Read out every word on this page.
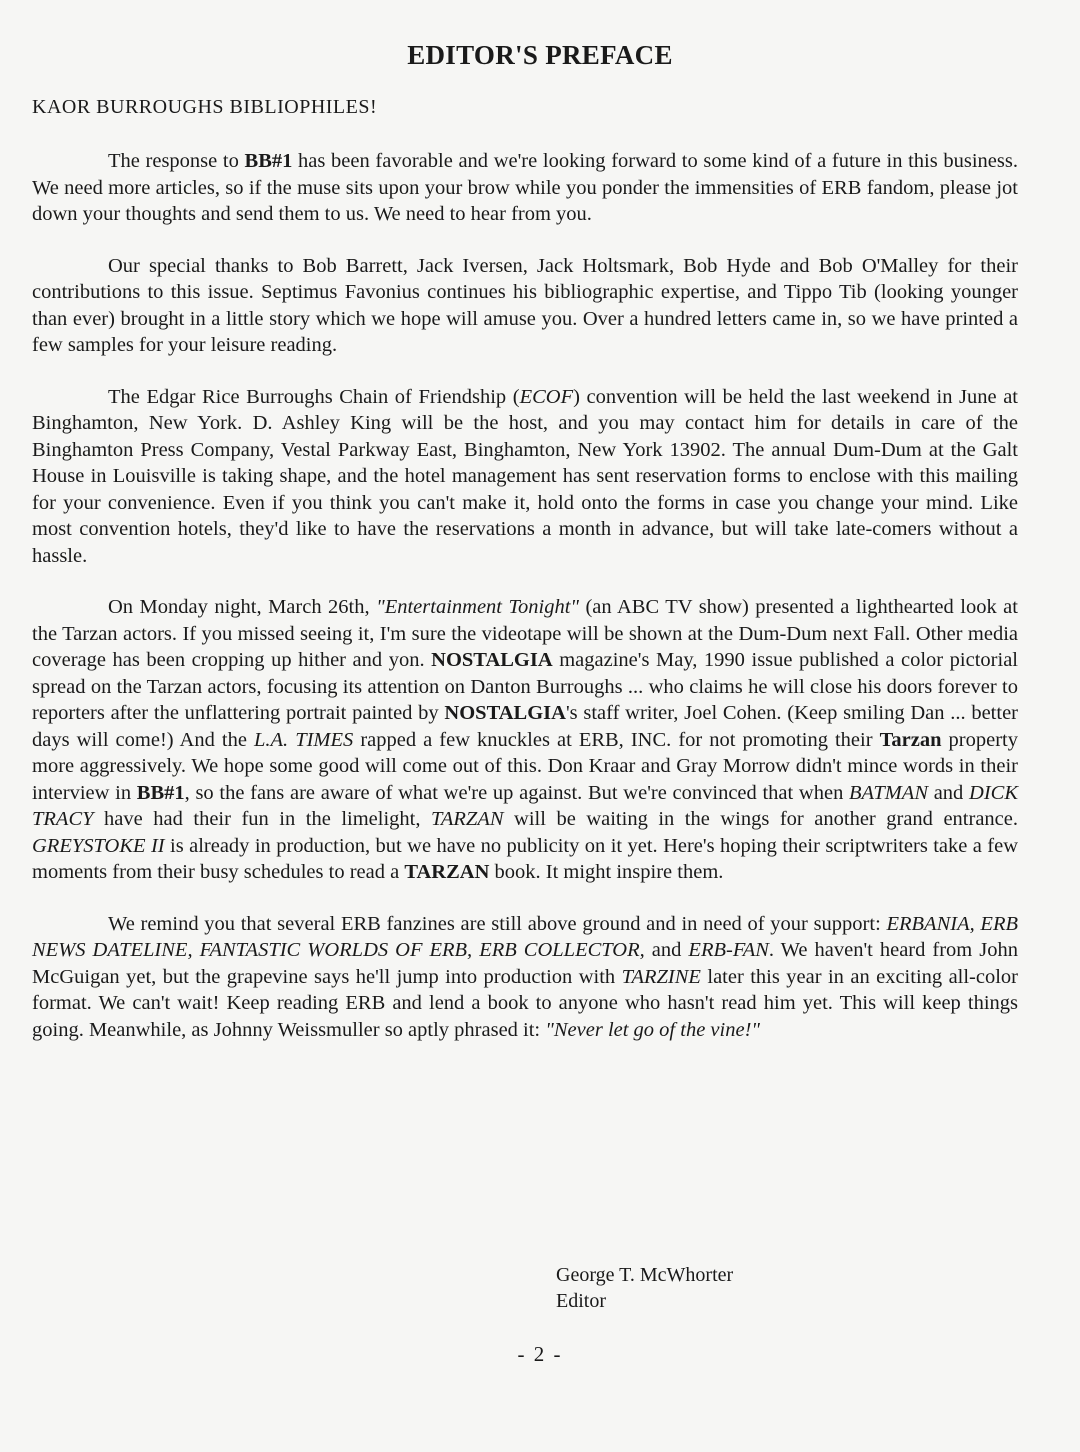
EDITOR'S PREFACE
KAOR BURROUGHS BIBLIOPHILES!

The response to BB#1 has been favorable and we're looking forward to some kind of a future in this business. We need more articles, so if the muse sits upon your brow while you ponder the immensities of ERB fandom, please jot down your thoughts and send them to us. We need to hear from you.

Our special thanks to Bob Barrett, Jack Iversen, Jack Holtsmark, Bob Hyde and Bob O'Malley for their contributions to this issue. Septimus Favonius continues his bibliographic expertise, and Tippo Tib (looking younger than ever) brought in a little story which we hope will amuse you. Over a hundred letters came in, so we have printed a few samples for your leisure reading.

The Edgar Rice Burroughs Chain of Friendship (ECOF) convention will be held the last weekend in June at Binghamton, New York. D. Ashley King will be the host, and you may contact him for details in care of the Binghamton Press Company, Vestal Parkway East, Binghamton, New York 13902. The annual Dum-Dum at the Galt House in Louisville is taking shape, and the hotel management has sent reservation forms to enclose with this mailing for your convenience. Even if you think you can't make it, hold onto the forms in case you change your mind. Like most convention hotels, they'd like to have the reservations a month in advance, but will take late-comers without a hassle.

On Monday night, March 26th, "Entertainment Tonight" (an ABC TV show) presented a lighthearted look at the Tarzan actors. If you missed seeing it, I'm sure the videotape will be shown at the Dum-Dum next Fall. Other media coverage has been cropping up hither and yon. NOSTALGIA magazine's May, 1990 issue published a color pictorial spread on the Tarzan actors, focusing its attention on Danton Burroughs ... who claims he will close his doors forever to reporters after the unflattering portrait painted by NOSTALGIA's staff writer, Joel Cohen. (Keep smiling Dan ... better days will come!) And the L.A. TIMES rapped a few knuckles at ERB, INC. for not promoting their Tarzan property more aggressively. We hope some good will come out of this. Don Kraar and Gray Morrow didn't mince words in their interview in BB#1, so the fans are aware of what we're up against. But we're convinced that when BATMAN and DICK TRACY have had their fun in the limelight, TARZAN will be waiting in the wings for another grand entrance. GREYSTOKE II is already in production, but we have no publicity on it yet. Here's hoping their scriptwriters take a few moments from their busy schedules to read a TARZAN book. It might inspire them.

We remind you that several ERB fanzines are still above ground and in need of your support: ERBANIA, ERB NEWS DATELINE, FANTASTIC WORLDS OF ERB, ERB COLLECTOR, and ERB-FAN. We haven't heard from John McGuigan yet, but the grapevine says he'll jump into production with TARZINE later this year in an exciting all-color format. We can't wait! Keep reading ERB and lend a book to anyone who hasn't read him yet. This will keep things going. Meanwhile, as Johnny Weissmuller so aptly phrased it: "Never let go of the vine!"

George T. McWhorter
Editor
- 2 -
